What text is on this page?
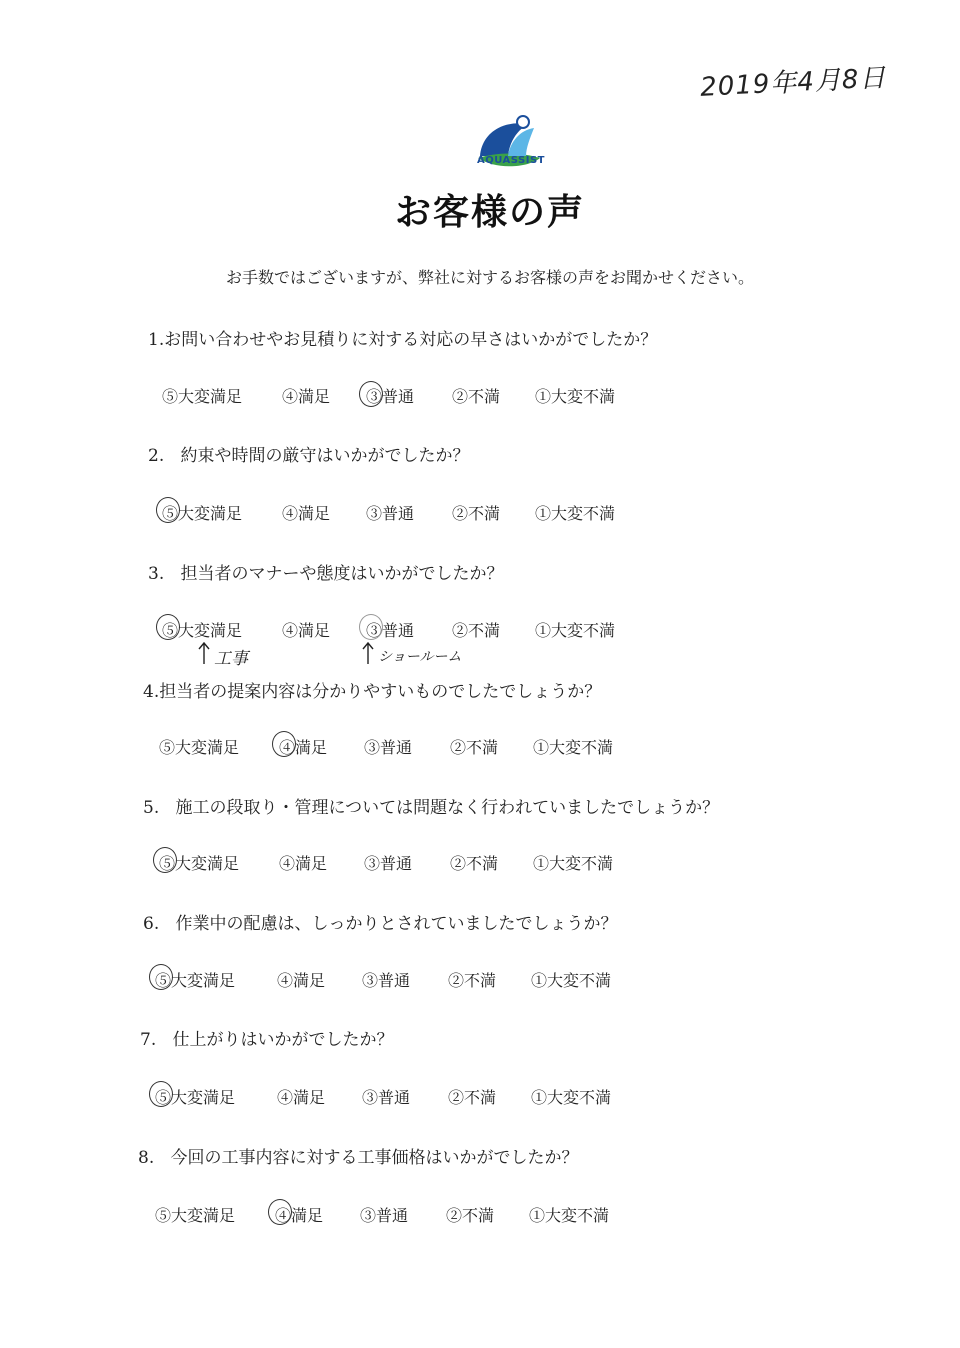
2019年4月8日
AQUASSIST
お客様の声
お手数ではございますが、弊社に対するお客様の声をお聞かせください。
1.お問い合わせやお見積りに対する対応の早さはいかがでしたか？
⑤大変満足 ④満足 ③普通 ②不満 ①大変不満
2. 約束や時間の厳守はいかがでしたか？
⑤大変満足 ④満足 ③普通 ②不満 ①大変不満
3. 担当者のマナーや態度はいかがでしたか？
⑤大変満足 ④満足 ③普通 ②不満 ①大変不満
工事	ショールーム
4.担当者の提案内容は分かりやすいものでしたでしょうか？
⑤大変満足 ④満足 ③普通 ②不満 ①大変不満
5. 施工の段取り・管理については問題なく行われていましたでしょうか？
⑤大変満足 ④満足 ③普通 ②不満 ①大変不満
6. 作業中の配慮は、しっかりとされていましたでしょうか？
⑤大変満足	④満足 ③普通 ②不満 ①大変不満
7. 仕上がりはいかがでしたか？
⑤大変満足	④満足 ③普通 ②不満 ①大変不満
8. 今回の工事内容に対する工事価格はいかがでしたか？
⑤大変満足 ④満足 ③普通 ②不満 ①大変不満
